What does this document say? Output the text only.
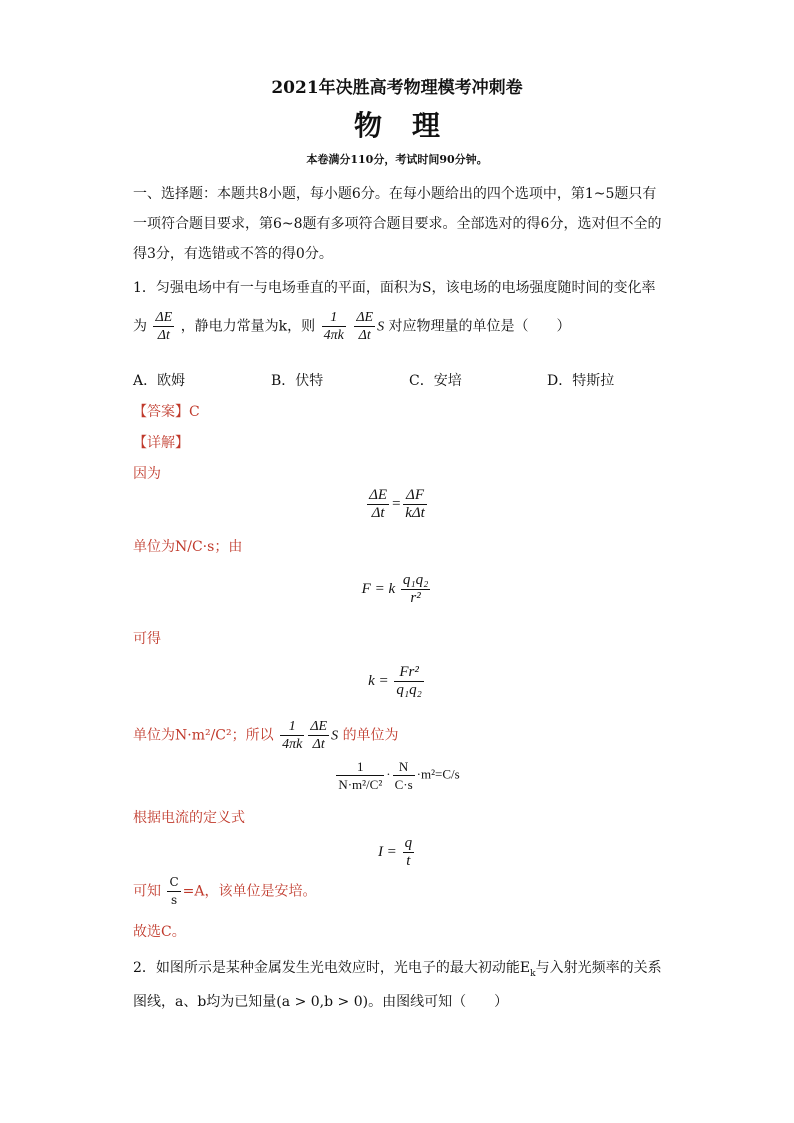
2021年决胜高考物理模考冲刺卷
物理
本卷满分110分，考试时间90分钟。
一、选择题：本题共8小题，每小题6分。在每小题给出的四个选项中，第1~5题只有
一项符合题目要求，第6~8题有多项符合题目要求。全部选对的得6分，选对但不全的
得3分，有选错或不答的得0分。
1．匀强电场中有一与电场垂直的平面，面积为S，该电场的电场强度随时间的变化率
为 $\frac{\Delta E}{\Delta t}$ ，静电力常量为k，则 $\frac{1}{4\pi k}$
$\frac{\Delta E}{\Delta t}$ S 对应物理量的单位是（　　）
A．欧姆	B．伏特	C．安培	D．特斯拉
【答案】C
【详解】
因为
$\frac{\Delta E}{\Delta t} = \frac{\Delta F}{\text{kΔt}}$
单位为N/C·s；由
F = k $\frac{\text{q₁q₂}}{\text{r²}}$
可得
$k = \frac{\text{Fr²}}{\text{q₁q₂}}$
单位为N·m²/C²；所以 $\frac{1}{4\pi k} \frac{\Delta E}{\Delta t}$ S 的单位为
$\frac{1}{\text{N·m²/C²}} \cdot \frac{N}{C\cdot s} \cdot m^2=C/s$
根据电流的定义式
$I = \frac{q}{t}$
可知 $\frac{C}{s} =A$，该单位是安培。
故选C。
2．如图所示是某种金属发生光电效应时，光电子的最大初动能$E_k$与入射光频率的关系
图线，a、b均为已知量(a > 0,b > 0)。由图线可知（　　）
